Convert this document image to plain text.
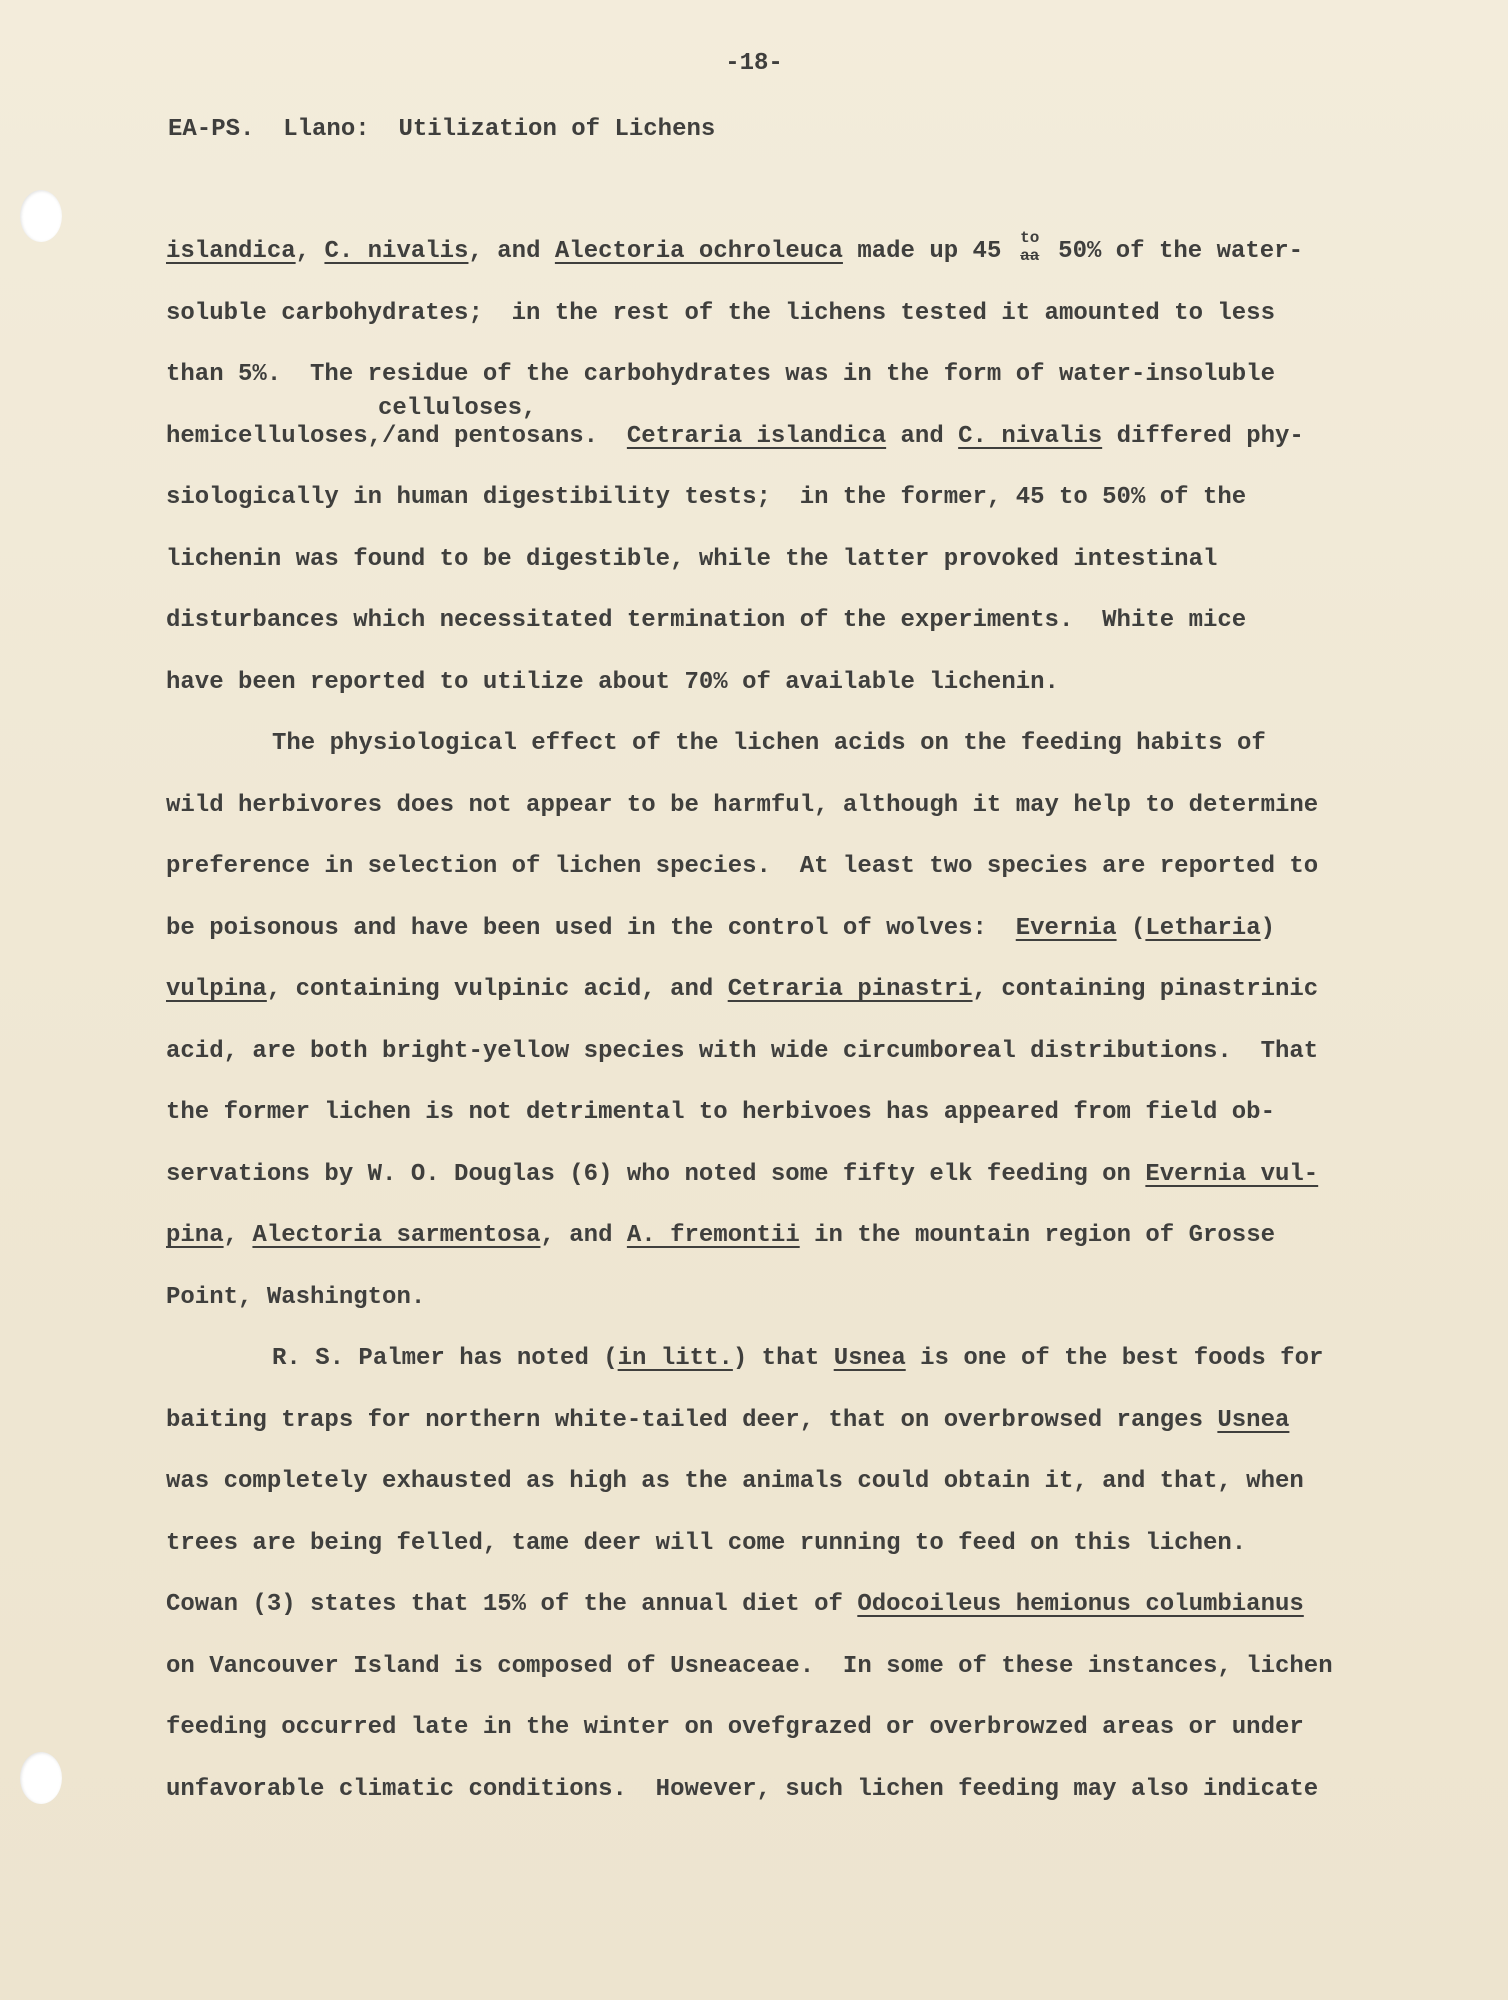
-18-
EA-PS.  Llano:  Utilization of Lichens
islandica, C. nivalis, and Alectoria ochroleuca made up 45 to
aa 50% of the water-
soluble carbohydrates;  in the rest of the lichens tested it amounted to less
than 5%.  The residue of the carbohydrates was in the form of water-insoluble
hemicelluloses,/and pentosans.  Cetraria islandica and C. nivalis differed phy-
celluloses,
siologically in human digestibility tests;  in the former, 45 to 50% of the
lichenin was found to be digestible, while the latter provoked intestinal
disturbances which necessitated termination of the experiments.  White mice
have been reported to utilize about 70% of available lichenin.
The physiological effect of the lichen acids on the feeding habits of
wild herbivores does not appear to be harmful, although it may help to determine
preference in selection of lichen species.  At least two species are reported to
be poisonous and have been used in the control of wolves:  Evernia (Letharia)
vulpina, containing vulpinic acid, and Cetraria pinastri, containing pinastrinic
acid, are both bright-yellow species with wide circumboreal distributions.  That
the former lichen is not detrimental to herbivoes has appeared from field ob-
servations by W. O. Douglas (6) who noted some fifty elk feeding on Evernia vul-
pina, Alectoria sarmentosa, and A. fremontii in the mountain region of Grosse
Point, Washington.
R. S. Palmer has noted (in litt.) that Usnea is one of the best foods for
baiting traps for northern white-tailed deer, that on overbrowsed ranges Usnea
was completely exhausted as high as the animals could obtain it, and that, when
trees are being felled, tame deer will come running to feed on this lichen.
Cowan (3) states that 15% of the annual diet of Odocoileus hemionus columbianus
on Vancouver Island is composed of Usneaceae.  In some of these instances, lichen
feeding occurred late in the winter on ovefgrazed or overbrowzed areas or under
unfavorable climatic conditions.  However, such lichen feeding may also indicate
